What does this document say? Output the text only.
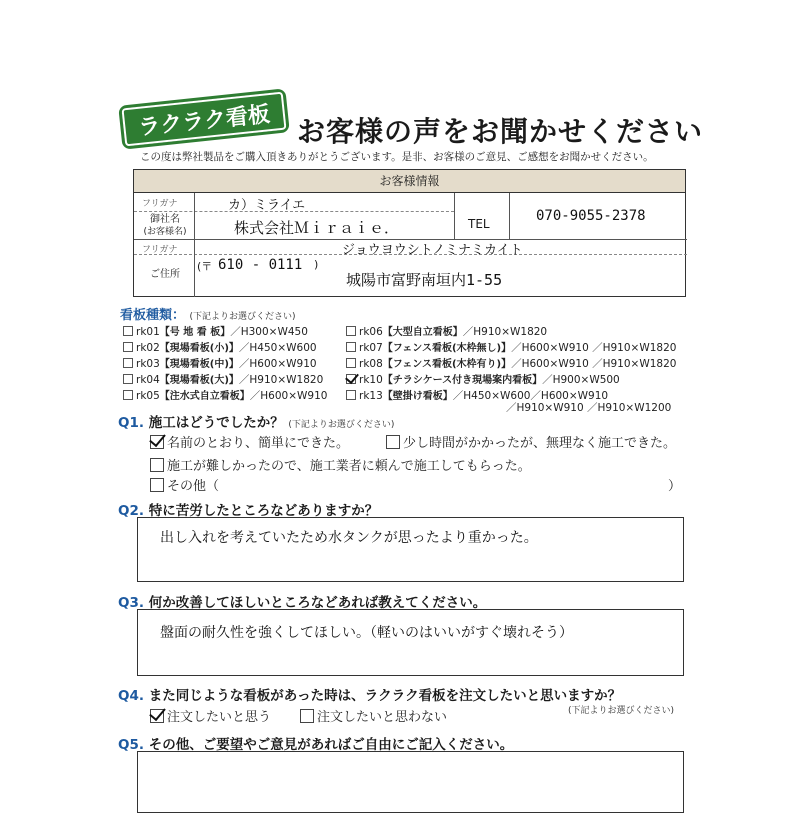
ラクラク看板 お客様の声をお聞かせください
この度は弊社製品をご購入頂きありがとうございます。是非、お客様のご意見、ご感想をお聞かせください。
お客様情報
フリガナ	カ）ミライエ
御社名
(お客様名)	株式会社Ｍｉｒａｉｅ．	TEL	070-9055-2378
フリガナ	ジョウヨウシトノミナミカイト
ご住所
(〒 610 - 0111 )
城陽市富野南垣内1-55
看板種類： (下記よりお選びください)
rk01【号 地 看 板】／H300×W450
rk02【現場看板(小)】／H450×W600
rk03【現場看板(中)】／H600×W910
rk04【現場看板(大)】／H910×W1820
rk05【注水式自立看板】／H600×W910
rk06【大型自立看板】／H910×W1820
rk07【フェンス看板(木枠無し)】／H600×W910 ／H910×W1820
rk08【フェンス看板(木枠有り)】／H600×W910 ／H910×W1820
rk10【チラシケース付き現場案内看板】／H900×W500
rk13【壁掛け看板】／H450×W600／H600×W910
／H910×W910 ／H910×W1200
Q1. 施工はどうでしたか？ (下記よりお選びください)
名前のとおり、簡単にできた。	少し時間がかかったが、無理なく施工できた。
施工が難しかったので、施工業者に頼んで施工してもらった。
その他（	）
Q2. 特に苦労したところなどありますか？
出し入れを考えていたため水タンクが思ったより重かった。
Q3. 何か改善してほしいところなどあれば教えてください。
盤面の耐久性を強くしてほしい。（軽いのはいいがすぐ壊れそう）
Q4. また同じような看板があった時は、ラクラク看板を注文したいと思いますか？
(下記よりお選びください)
注文したいと思う	注文したいと思わない
Q5. その他、ご要望やご意見があればご自由にご記入ください。
